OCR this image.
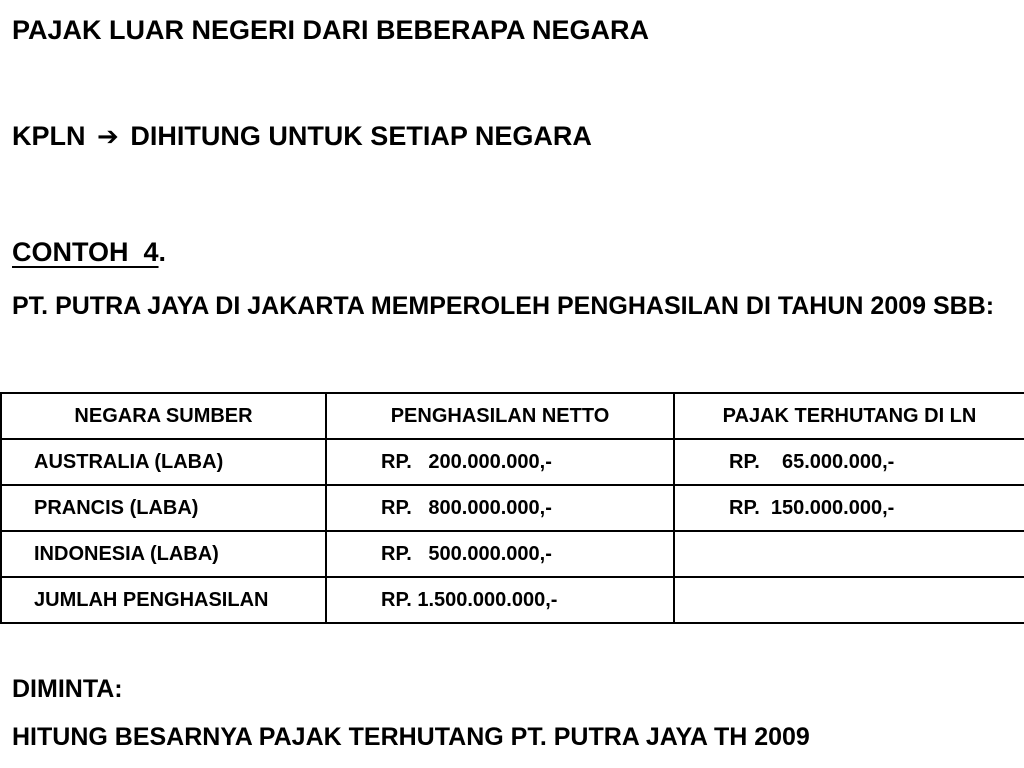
PAJAK LUAR NEGERI DARI BEBERAPA NEGARA
KPLN ➔ DIHITUNG UNTUK SETIAP NEGARA
CONTOH  4.
PT. PUTRA JAYA DI JAKARTA MEMPEROLEH PENGHASILAN DI TAHUN 2009 SBB:
NEGARA SUMBER	PENGHASILAN NETTO	PAJAK TERHUTANG DI LN
AUSTRALIA (LABA)	RP.   200.000.000,-	RP.    65.000.000,-
PRANCIS (LABA)	RP.   800.000.000,-	RP.  150.000.000,-
INDONESIA (LABA)	RP.   500.000.000,-	
JUMLAH PENGHASILAN	RP. 1.500.000.000,-	
DIMINTA:
HITUNG BESARNYA PAJAK TERHUTANG PT. PUTRA JAYA TH 2009
